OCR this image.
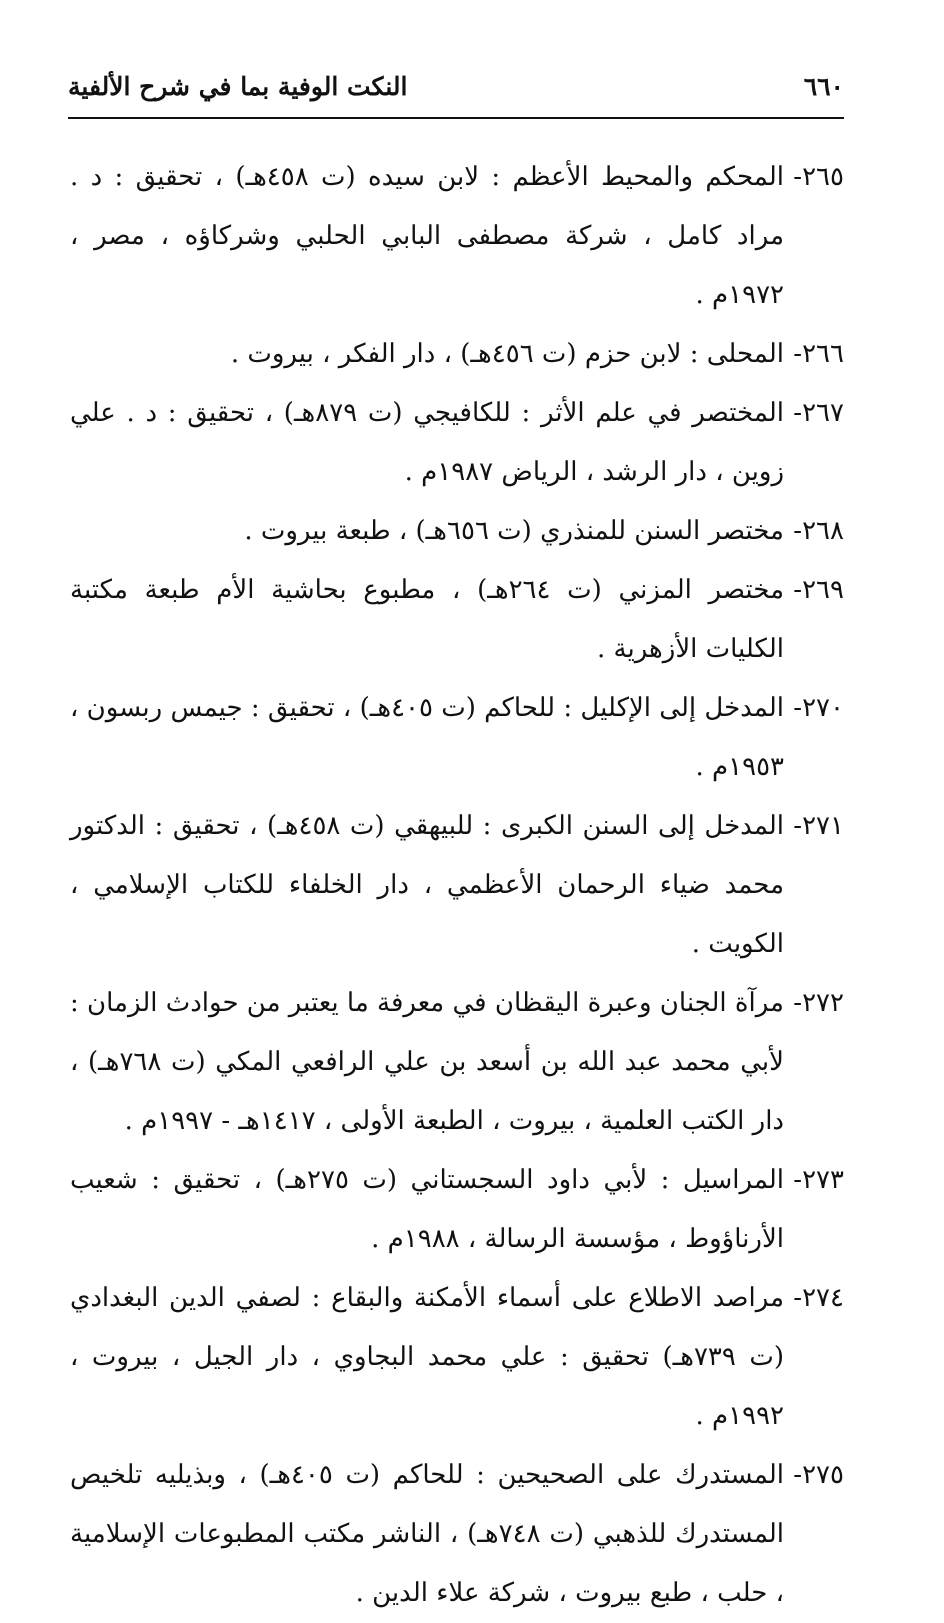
٦٦٠
النكت الوفية بما في شرح الألفية
٢٦٥-
المحكم والمحيط الأعظم : لابن سيده (ت ٤٥٨هـ) ، تحقيق : د . مراد كامل ، شركة مصطفى البابي الحلبي وشركاؤه ، مصر ، ١٩٧٢م .
٢٦٦-
المحلى : لابن حزم (ت ٤٥٦هـ) ، دار الفكر ، بيروت .
٢٦٧-
المختصر في علم الأثر : للكافيجي (ت ٨٧٩هـ) ، تحقيق : د . علي زوين ، دار الرشد ، الرياض ١٩٨٧م .
٢٦٨-
مختصر السنن للمنذري (ت ٦٥٦هـ) ، طبعة بيروت .
٢٦٩-
مختصر المزني (ت ٢٦٤هـ) ، مطبوع بحاشية الأم طبعة مكتبة الكليات الأزهرية .
٢٧٠-
المدخل إلى الإكليل : للحاكم (ت ٤٠٥هـ) ، تحقيق : جيمس ربسون ، ١٩٥٣م .
٢٧١-
المدخل إلى السنن الكبرى : للبيهقي (ت ٤٥٨هـ) ، تحقيق : الدكتور محمد ضياء الرحمان الأعظمي ، دار الخلفاء للكتاب الإسلامي ، الكويت .
٢٧٢-
مرآة الجنان وعبرة اليقظان في معرفة ما يعتبر من حوادث الزمان : لأبي محمد عبد الله بن أسعد بن علي الرافعي المكي (ت ٧٦٨هـ) ، دار الكتب العلمية ، بيروت ، الطبعة الأولى ، ١٤١٧هـ - ١٩٩٧م .
٢٧٣-
المراسيل : لأبي داود السجستاني (ت ٢٧٥هـ) ، تحقيق : شعيب الأرناؤوط ، مؤسسة الرسالة ، ١٩٨٨م .
٢٧٤-
مراصد الاطلاع على أسماء الأمكنة والبقاع : لصفي الدين البغدادي (ت ٧٣٩هـ) تحقيق : علي محمد البجاوي ، دار الجيل ، بيروت ، ١٩٩٢م .
٢٧٥-
المستدرك على الصحيحين : للحاكم (ت ٤٠٥هـ) ، وبذيليه تلخيص المستدرك للذهبي (ت ٧٤٨هـ) ، الناشر مكتب المطبوعات الإسلامية ، حلب ، طبع بيروت ، شركة علاء الدين .
